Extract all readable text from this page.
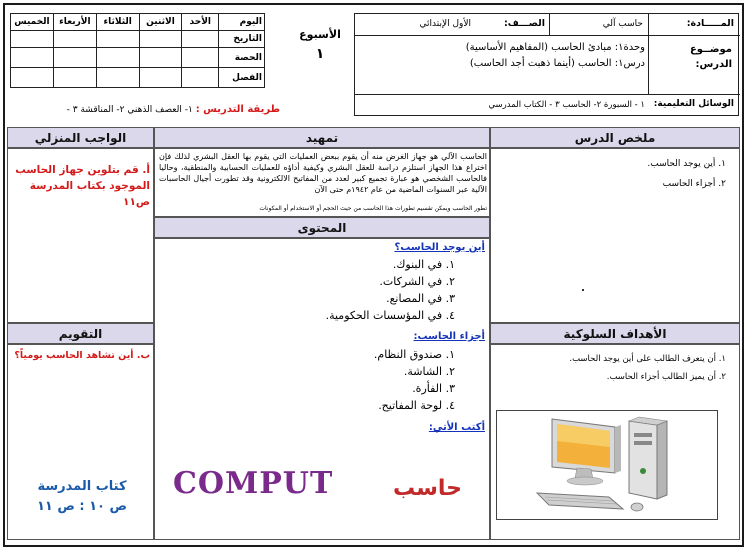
الخميس	الأربعاء	الثلاثاء	الاثنين	الأحد	اليوم
					التاريخ
					الحصة
					الفصل
الأسبوع
١
طريقة التدريس : ١- العصف الذهني ٢- المناقشة ٣ -
المـــــادة:
حاسب آلي
الصـــف:
الأول الإبتدائي
موضــوع الدرس:
وحدة١: مبادئ الحاسب (المفاهيم الأساسية)
درس١: الحاسب (أينما ذهبت أجد الحاسب)
الوسائل التعليمية:
١ - السبورة ٢- الحاسب ٣ - الكتاب المدرسي
الواجب المنزلي
أ. قم بتلوين جهاز الحاسب الموجود بكتاب المدرسة ص١١
التقويم
ب. أين تشاهد الحاسب يومياً؟
كتاب المدرسة
ص ١٠ : ص ١١
تمهيد
الحاسب الآلي هو جهاز الغرض منه أن يقوم ببعض العمليات التي يقوم بها العقل البشري لذلك فإن اختراع هذا الجهاز استلزم دراسة للعقل البشري وكيفية أداؤه للعمليات الحسابية والمنطقية، وحاليا فالحاسب الشخصي هو عبارة تجميع كبير لعدد من المفاتيح الالكترونية وقد تطورت أجيال الحاسبات الآلية عبر السنوات الماضية من عام ١٩٤٢م حتى الآن
تطور الحاسب ويمكن تقسيم تطورات هذا الحاسب من حيث الحجم أو الاستخدام أو المكونات
المحتوى
أين يوجد الحاسب؟
١. في البنوك.
٢. في الشركات.
٣. في المصانع.
٤. في المؤسسات الحكومية.
أجزاء الحاسب:
١. صندوق النظام.
٢. الشاشة.
٣. الفأرة.
٤. لوحة المفاتيح.
أكتب الأتي:
COMPUT	حاسب
ملخص الدرس
١. أين يوجد الحاسب.
٢. أجزاء الحاسب
الأهداف السلوكية
١. أن يتعرف الطالب على أين يوجد الحاسب.
٢. أن يميز الطالب أجزاء الحاسب.
